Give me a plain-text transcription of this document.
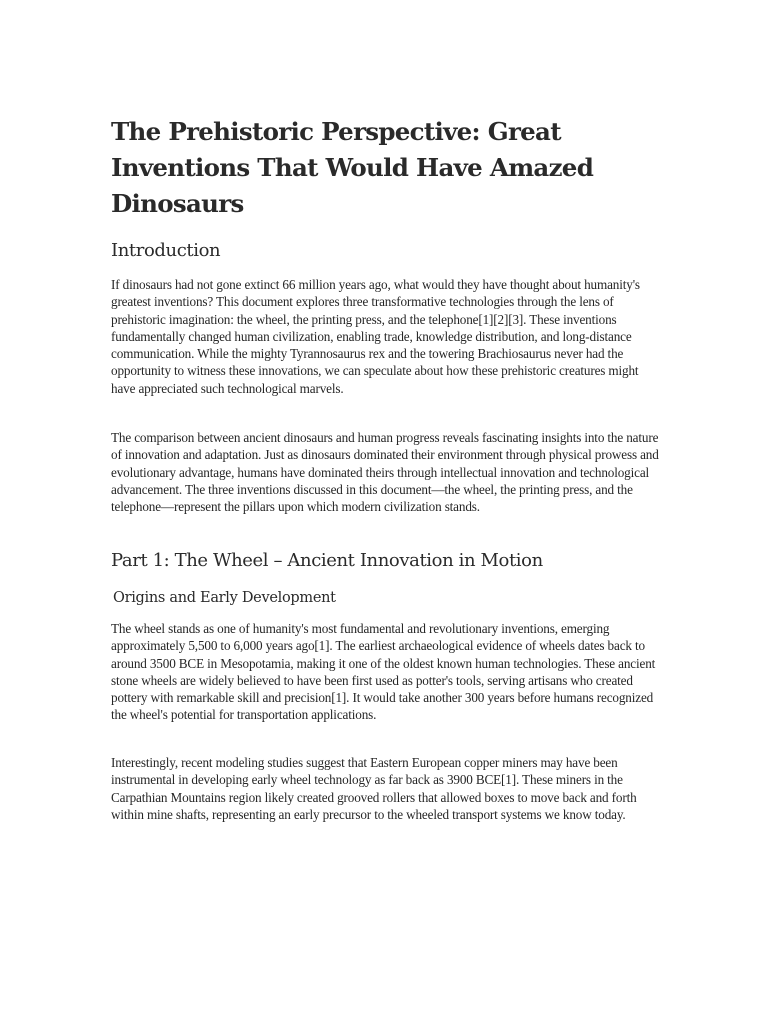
The Prehistoric Perspective: Great Inventions That Would Have Amazed Dinosaurs
Introduction

If dinosaurs had not gone extinct 66 million years ago, what would they have thought about humanity's greatest inventions? This document explores three transformative technologies through the lens of prehistoric imagination: the wheel, the printing press, and the telephone[1][2][3]. These inventions fundamentally changed human civilization, enabling trade, knowledge distribution, and long-distance communication. While the mighty Tyrannosaurus rex and the towering Brachiosaurus never had the opportunity to witness these innovations, we can speculate about how these prehistoric creatures might have appreciated such technological marvels.

The comparison between ancient dinosaurs and human progress reveals fascinating insights into the nature of innovation and adaptation. Just as dinosaurs dominated their environment through physical prowess and evolutionary advantage, humans have dominated theirs through intellectual innovation and technological advancement. The three inventions discussed in this document—the wheel, the printing press, and the telephone—represent the pillars upon which modern civilization stands.

Part 1: The Wheel – Ancient Innovation in Motion
Origins and Early Development

The wheel stands as one of humanity's most fundamental and revolutionary inventions, emerging approximately 5,500 to 6,000 years ago[1]. The earliest archaeological evidence of wheels dates back to around 3500 BCE in Mesopotamia, making it one of the oldest known human technologies. These ancient stone wheels are widely believed to have been first used as potter's tools, serving artisans who created pottery with remarkable skill and precision[1]. It would take another 300 years before humans recognized the wheel's potential for transportation applications.

Interestingly, recent modeling studies suggest that Eastern European copper miners may have been instrumental in developing early wheel technology as far back as 3900 BCE[1]. These miners in the Carpathian Mountains region likely created grooved rollers that allowed boxes to move back and forth within mine shafts, representing an early precursor to the wheeled transport systems we know today.
